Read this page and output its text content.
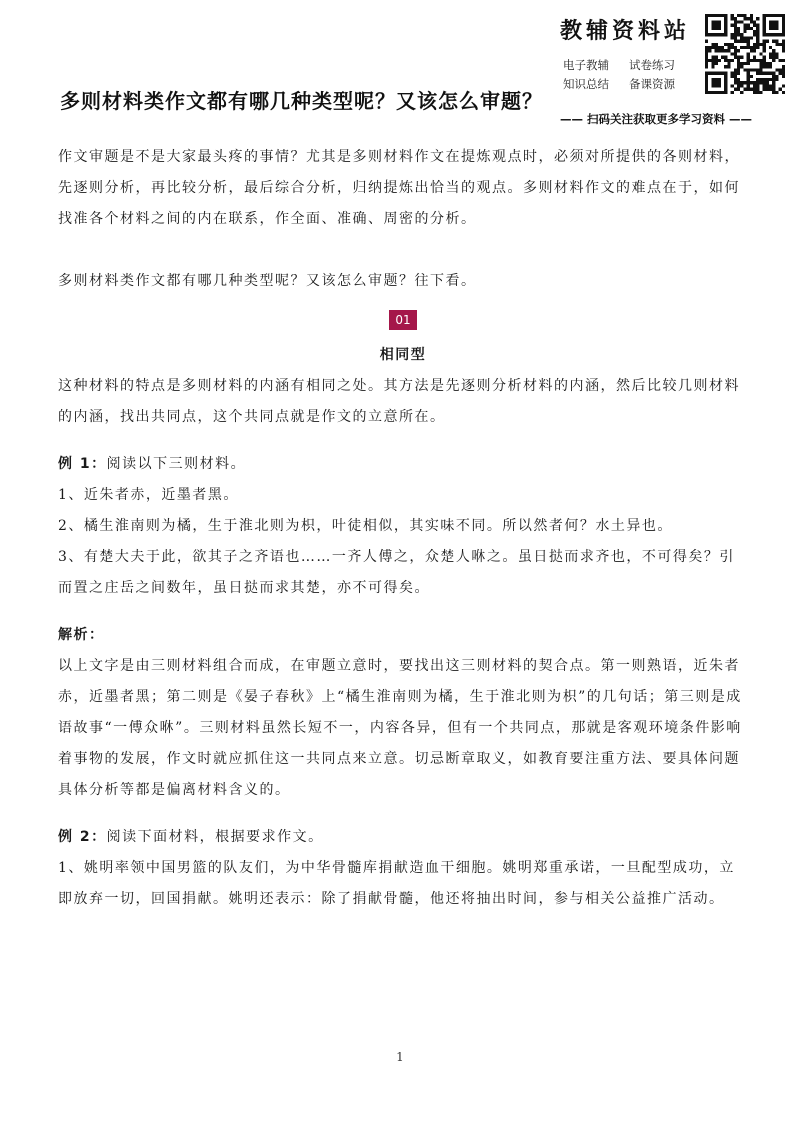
教辅资料站
电子教辅 试卷练习
知识总结 备课资源
—— 扫码关注获取更多学习资料 ——
多则材料类作文都有哪几种类型呢？又该怎么审题？

作文审题是不是大家最头疼的事情？尤其是多则材料作文在提炼观点时，必须对所提供的各则材料，先逐则分析，再比较分析，最后综合分析，归纳提炼出恰当的观点。多则材料作文的难点在于，如何找准各个材料之间的内在联系，作全面、准确、周密的分析。

多则材料类作文都有哪几种类型呢？又该怎么审题？往下看。

01
相同型

这种材料的特点是多则材料的内涵有相同之处。其方法是先逐则分析材料的内涵，然后比较几则材料的内涵，找出共同点，这个共同点就是作文的立意所在。

例 1：阅读以下三则材料。

1、近朱者赤，近墨者黑。

2、橘生淮南则为橘，生于淮北则为枳，叶徒相似，其实味不同。所以然者何？水土异也。

3、有楚大夫于此，欲其子之齐语也……一齐人傅之，众楚人咻之。虽日挞而求齐也，不可得矣？引而置之庄岳之间数年，虽日挞而求其楚，亦不可得矣。

解析：

以上文字是由三则材料组合而成，在审题立意时，要找出这三则材料的契合点。第一则熟语，近朱者赤，近墨者黑；第二则是《晏子春秋》上“橘生淮南则为橘，生于淮北则为枳”的几句话；第三则是成语故事“一傅众咻”。三则材料虽然长短不一，内容各异，但有一个共同点，那就是客观环境条件影响着事物的发展，作文时就应抓住这一共同点来立意。切忌断章取义，如教育要注重方法、要具体问题具体分析等都是偏离材料含义的。

例 2：阅读下面材料，根据要求作文。

1、姚明率领中国男篮的队友们，为中华骨髓库捐献造血干细胞。姚明郑重承诺，一旦配型成功，立即放弃一切，回国捐献。姚明还表示：除了捐献骨髓，他还将抽出时间，参与相关公益推广活动。

1
